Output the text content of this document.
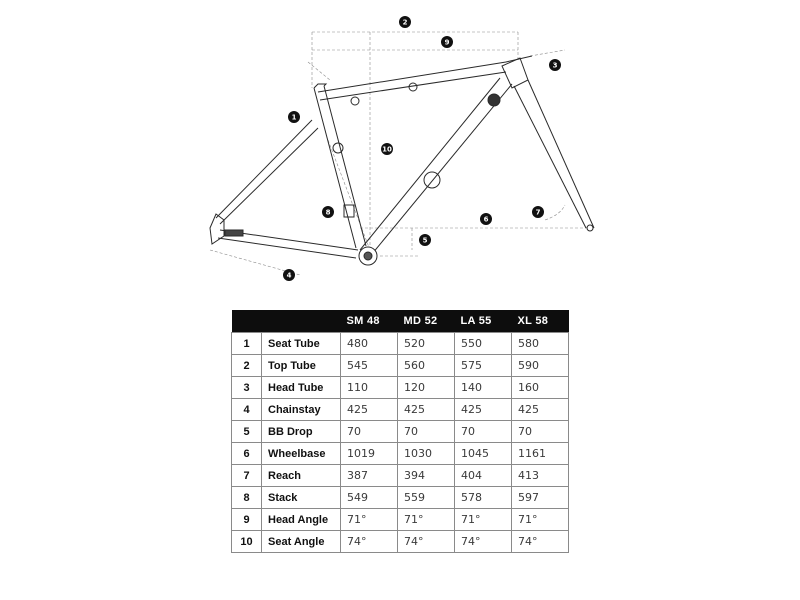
1
2
3
4
5
6
7
8
9
10
		SM 48	MD 52	LA 55	XL 58
1	Seat Tube	480	520	550	580
2	Top Tube	545	560	575	590
3	Head Tube	110	120	140	160
4	Chainstay	425	425	425	425
5	BB Drop	70	70	70	70
6	Wheelbase	1019	1030	1045	1161
7	Reach	387	394	404	413
8	Stack	549	559	578	597
9	Head Angle	71°	71°	71°	71°
10	Seat Angle	74°	74°	74°	74°
